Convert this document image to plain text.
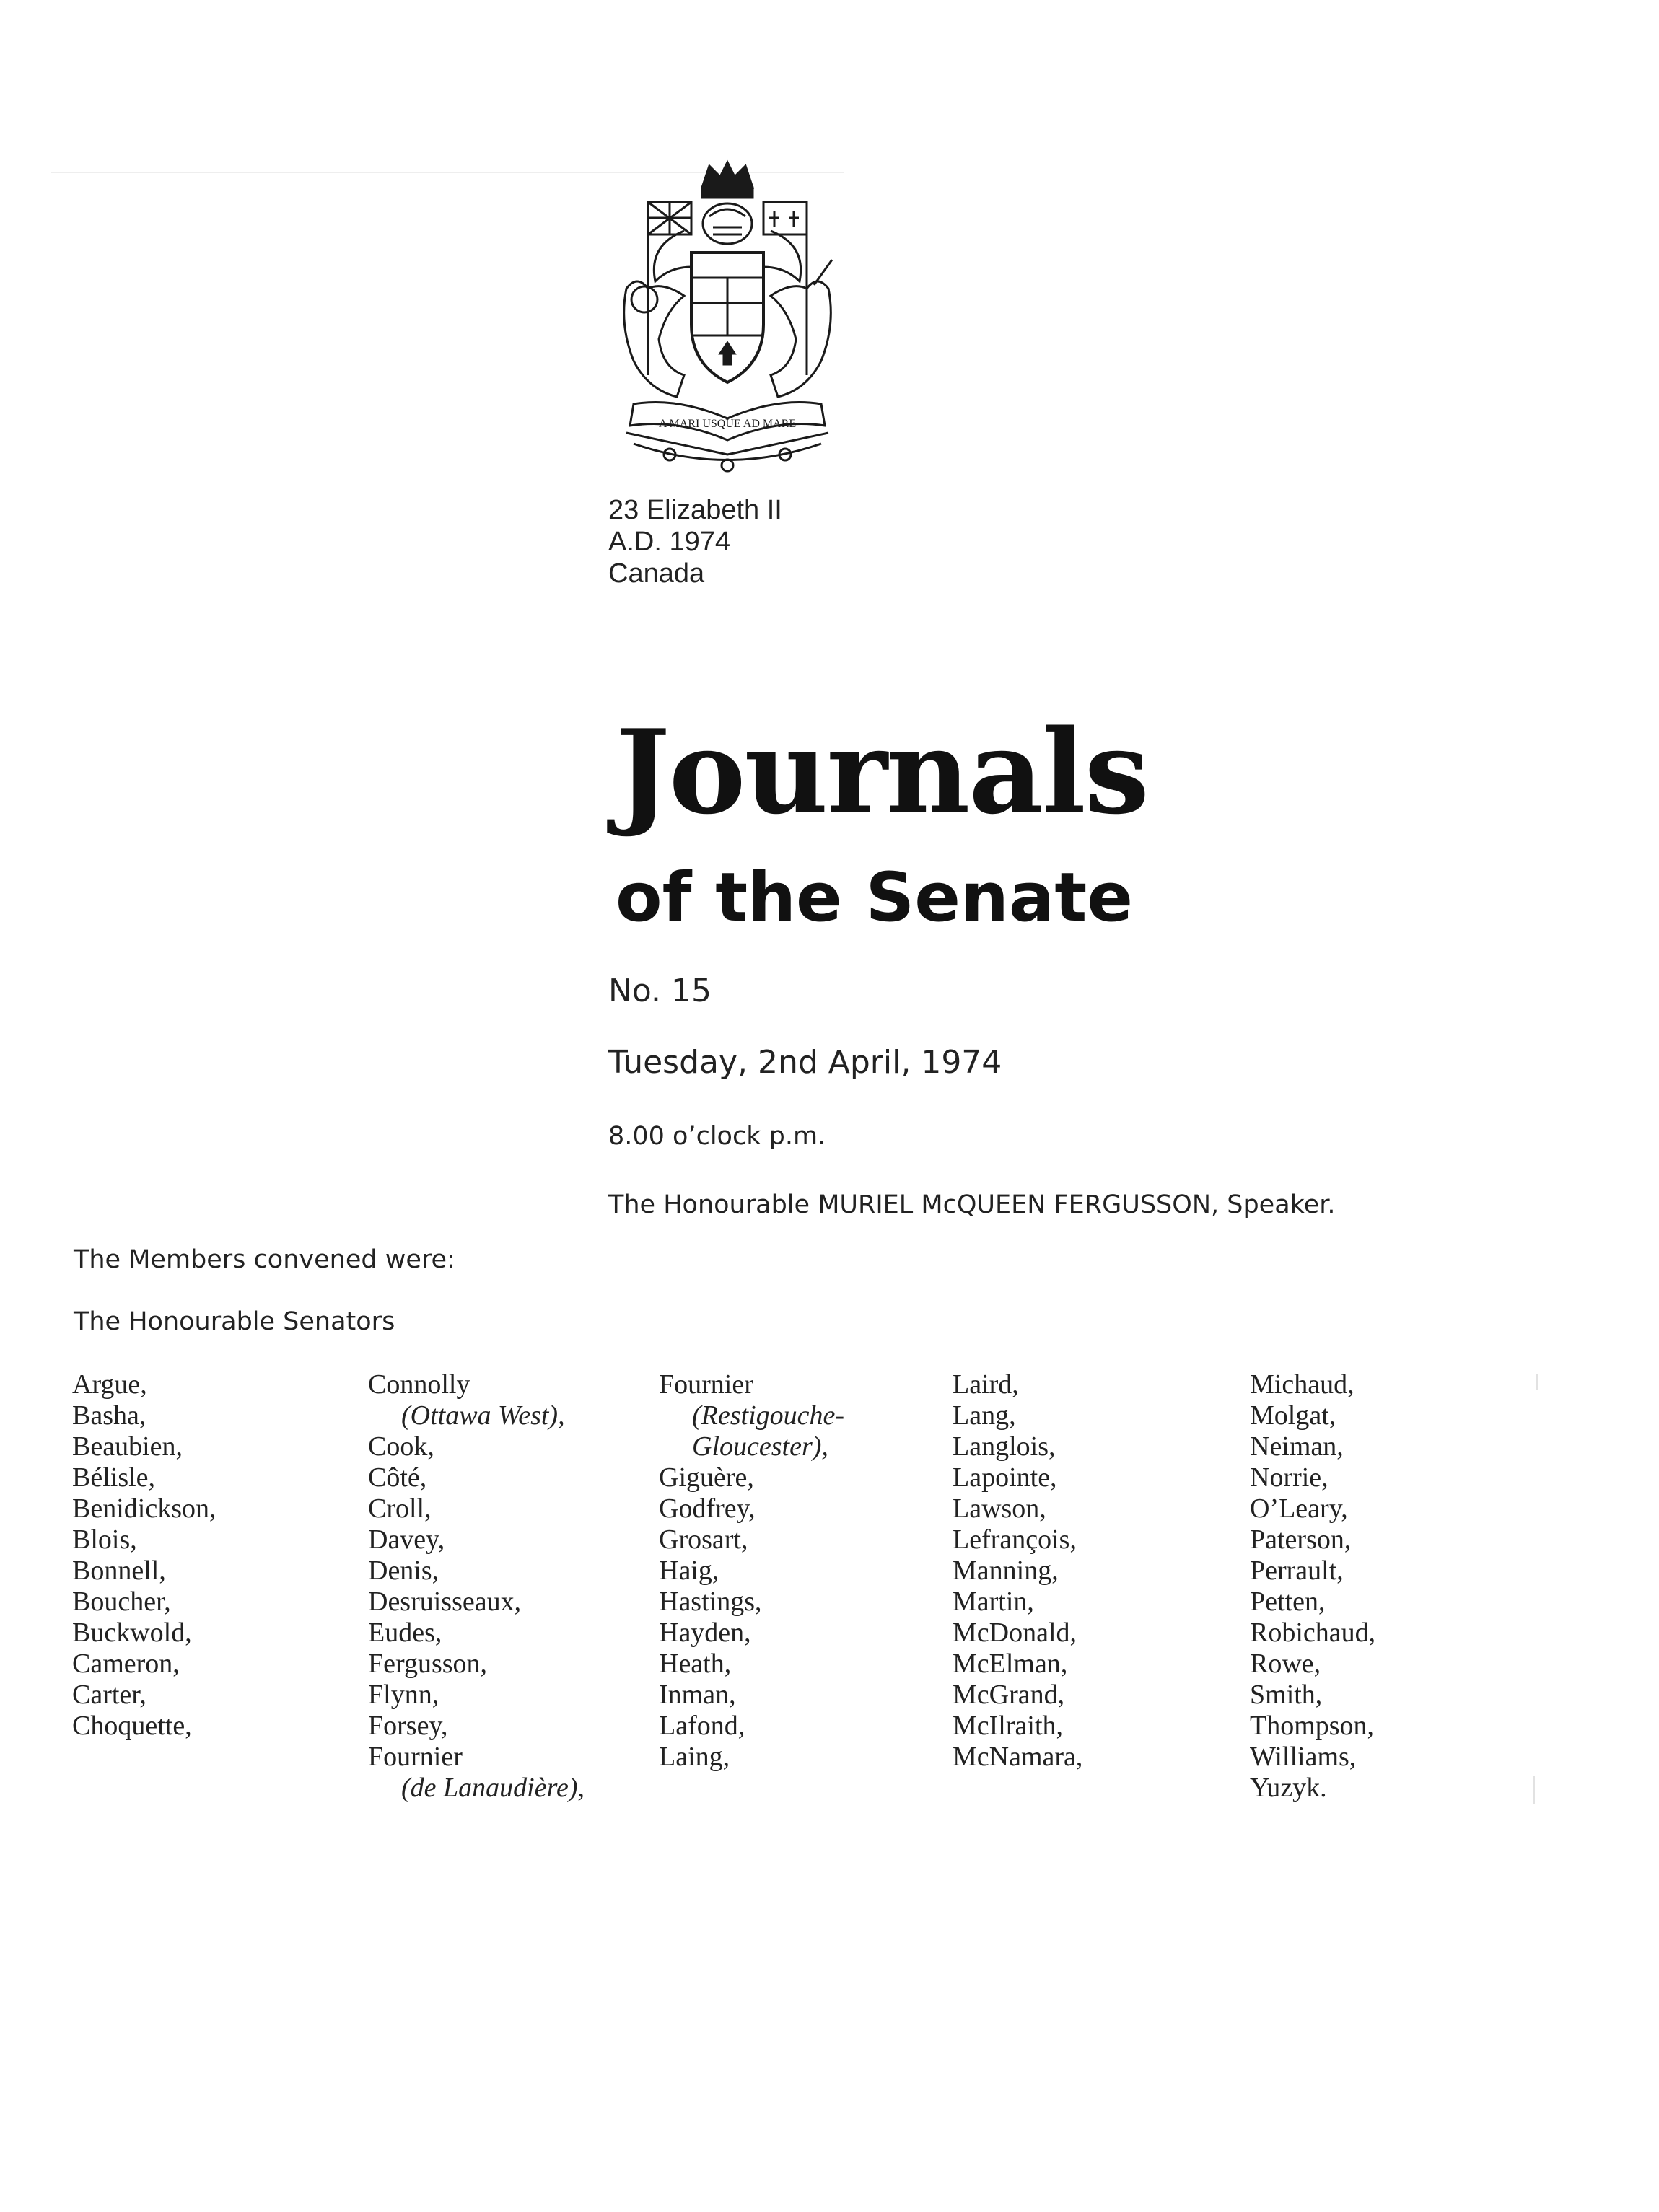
A MARI USQUE AD MARE
23 Elizabeth II
A.D. 1974
Canada
Journals
of the Senate
No. 15
Tuesday, 2nd April, 1974
8.00 o’clock p.m.
The Honourable MURIEL McQUEEN FERGUSSON, Speaker.
The Members convened were:
The Honourable Senators
Argue,
Basha,
Beaubien,
Bélisle,
Benidickson,
Blois,
Bonnell,
Boucher,
Buckwold,
Cameron,
Carter,
Choquette,
Connolly
(Ottawa West),
Cook,
Côté,
Croll,
Davey,
Denis,
Desruisseaux,
Eudes,
Fergusson,
Flynn,
Forsey,
Fournier
(de Lanaudière),
Fournier
(Restigouche-
Gloucester),
Giguère,
Godfrey,
Grosart,
Haig,
Hastings,
Hayden,
Heath,
Inman,
Lafond,
Laing,
Laird,
Lang,
Langlois,
Lapointe,
Lawson,
Lefrançois,
Manning,
Martin,
McDonald,
McElman,
McGrand,
McIlraith,
McNamara,
Michaud,
Molgat,
Neiman,
Norrie,
O’Leary,
Paterson,
Perrault,
Petten,
Robichaud,
Rowe,
Smith,
Thompson,
Williams,
Yuzyk.
